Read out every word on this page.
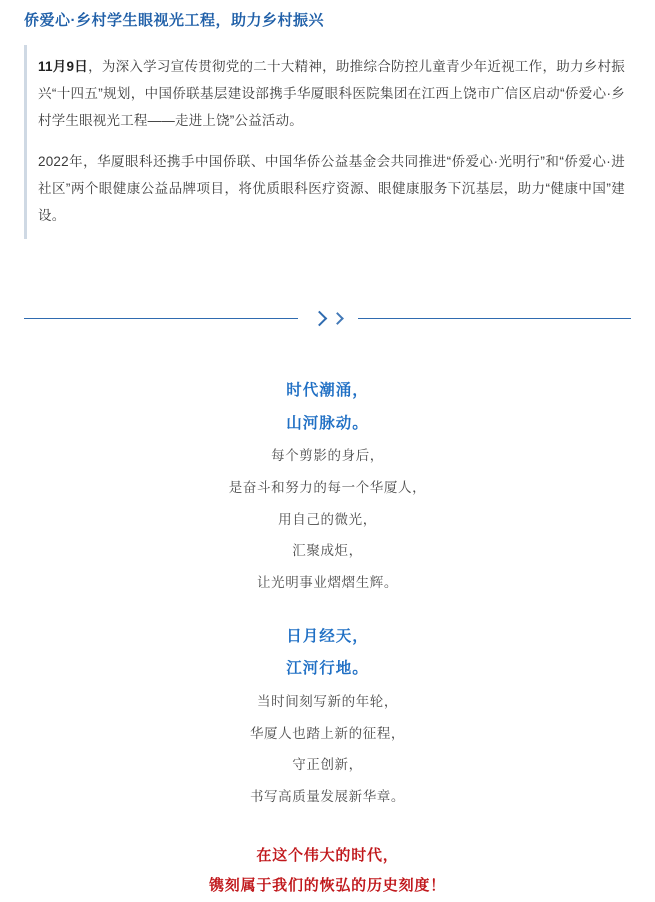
侨爱心·乡村学生眼视光工程，助力乡村振兴

11月9日，为深入学习宣传贯彻党的二十大精神，助推综合防控儿童青少年近视工作，助力乡村振兴“十四五”规划，中国侨联基层建设部携手华厦眼科医院集团在江西上饶市广信区启动“侨爱心·乡村学生眼视光工程——走进上饶”公益活动。

2022年，华厦眼科还携手中国侨联、中国华侨公益基金会共同推进“侨爱心·光明行”和“侨爱心·进社区”两个眼健康公益品牌项目，将优质眼科医疗资源、眼健康服务下沉基层，助力“健康中国”建设。

时代潮涌，
山河脉动。
每个剪影的身后，
是奋斗和努力的每一个华厦人，
用自己的微光，
汇聚成炬，
让光明事业熠熠生辉。
日月经天，
江河行地。
当时间刻写新的年轮，
华厦人也踏上新的征程，
守正创新，
书写高质量发展新华章。
在这个伟大的时代，
镌刻属于我们的恢弘的历史刻度！
